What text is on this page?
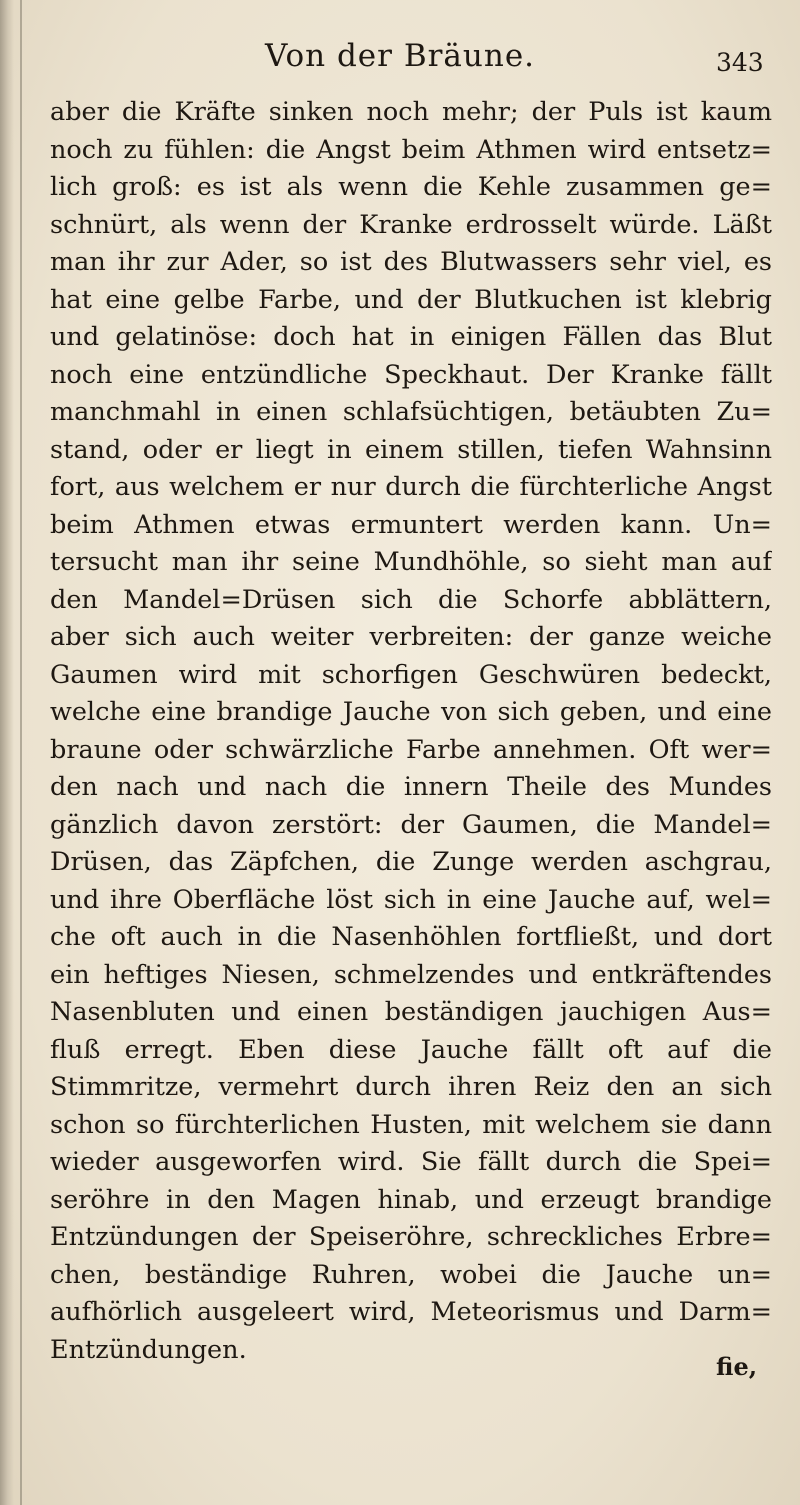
Von der Bräune.	343
aber die Kräfte sinken noch mehr; der Puls ist kaum
noch zu fühlen: die Angst beim Athmen wird entsetz=
lich groß: es ist als wenn die Kehle zusammen ge=
schnürt, als wenn der Kranke erdrosselt würde. Läßt
man ihr zur Ader, so ist des Blutwassers sehr viel, es
hat eine gelbe Farbe, und der Blutkuchen ist klebrig
und gelatinöse: doch hat in einigen Fällen das Blut
noch eine entzündliche Speckhaut. Der Kranke fällt
manchmahl in einen schlafsüchtigen, betäubten Zu=
stand, oder er liegt in einem stillen, tiefen Wahnsinn
fort, aus welchem er nur durch die fürchterliche Angst
beim Athmen etwas ermuntert werden kann. Un=
tersucht man ihr seine Mundhöhle, so sieht man auf
den Mandel=Drüsen sich die Schorfe abblättern,
aber sich auch weiter verbreiten: der ganze weiche
Gaumen wird mit schorfigen Geschwüren bedeckt,
welche eine brandige Jauche von sich geben, und eine
braune oder schwärzliche Farbe annehmen. Oft wer=
den nach und nach die innern Theile des Mundes
gänzlich davon zerstört: der Gaumen, die Mandel=
Drüsen, das Zäpfchen, die Zunge werden aschgrau,
und ihre Oberfläche löst sich in eine Jauche auf, wel=
che oft auch in die Nasenhöhlen fortfließt, und dort
ein heftiges Niesen, schmelzendes und entkräftendes
Nasenbluten und einen beständigen jauchigen Aus=
fluß erregt. Eben diese Jauche fällt oft auf die
Stimmritze, vermehrt durch ihren Reiz den an sich
schon so fürchterlichen Husten, mit welchem sie dann
wieder ausgeworfen wird. Sie fällt durch die Spei=
seröhre in den Magen hinab, und erzeugt brandige
Entzündungen der Speiseröhre, schreckliches Erbre=
chen, beständige Ruhren, wobei die Jauche un=
aufhörlich ausgeleert wird, Meteorismus und Darm=
Entzündungen.
fie,
